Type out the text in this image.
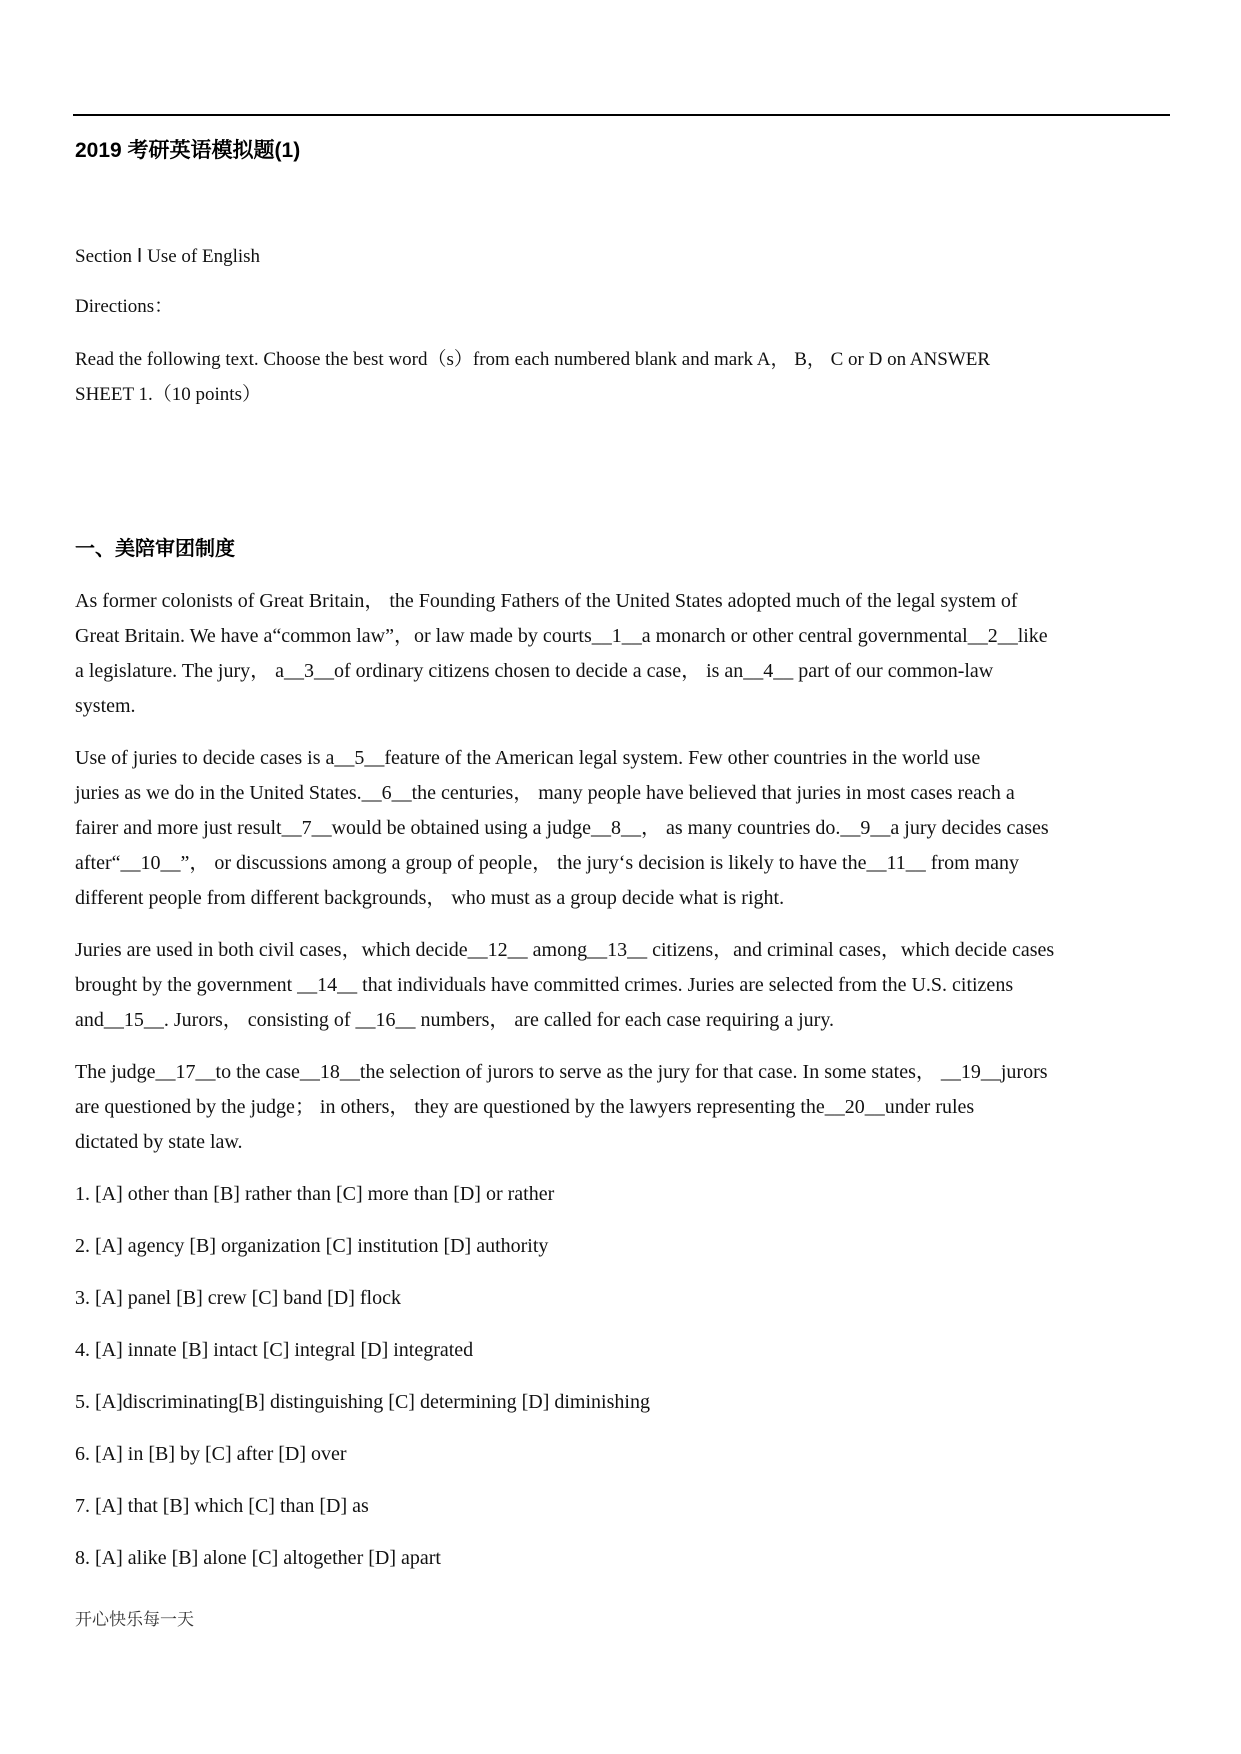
2019 考研英语模拟题(1)
Section Ⅰ Use of English
Directions：
Read the following text. Choose the best word（s）from each numbered blank and mark A， B， C or D on ANSWER
SHEET 1.（10 points）
一、美陪审团制度
As former colonists of Great Britain， the Founding Fathers of the United States adopted much of the legal system of
Great Britain. We have a“common law”，or law made by courts__1__a monarch or other central governmental__2__like
a legislature. The jury， a__3__of ordinary citizens chosen to decide a case， is an__4__ part of our common-law
system.
Use of juries to decide cases is a__5__feature of the American legal system. Few other countries in the world use
juries as we do in the United States.__6__the centuries， many people have believed that juries in most cases reach a
fairer and more just result__7__would be obtained using a judge__8__， as many countries do.__9__a jury decides cases
after“__10__”， or discussions among a group of people， the jury‘s decision is likely to have the__11__ from many
different people from different backgrounds， who must as a group decide what is right.
Juries are used in both civil cases，which decide__12__ among__13__ citizens，and criminal cases，which decide cases
brought by the government __14__ that individuals have committed crimes. Juries are selected from the U.S. citizens
and__15__. Jurors， consisting of __16__ numbers， are called for each case requiring a jury.
The judge__17__to the case__18__the selection of jurors to serve as the jury for that case. In some states， __19__jurors
are questioned by the judge； in others， they are questioned by the lawyers representing the__20__under rules
dictated by state law.
1. [A] other than [B] rather than [C] more than [D] or rather
2. [A] agency [B] organization [C] institution [D] authority
3. [A] panel [B] crew [C] band [D] flock
4. [A] innate [B] intact [C] integral [D] integrated
5. [A]discriminating[B] distinguishing [C] determining [D] diminishing
6. [A] in [B] by [C] after [D] over
7. [A] that [B] which [C] than [D] as
8. [A] alike [B] alone [C] altogether [D] apart
开心快乐每一天
